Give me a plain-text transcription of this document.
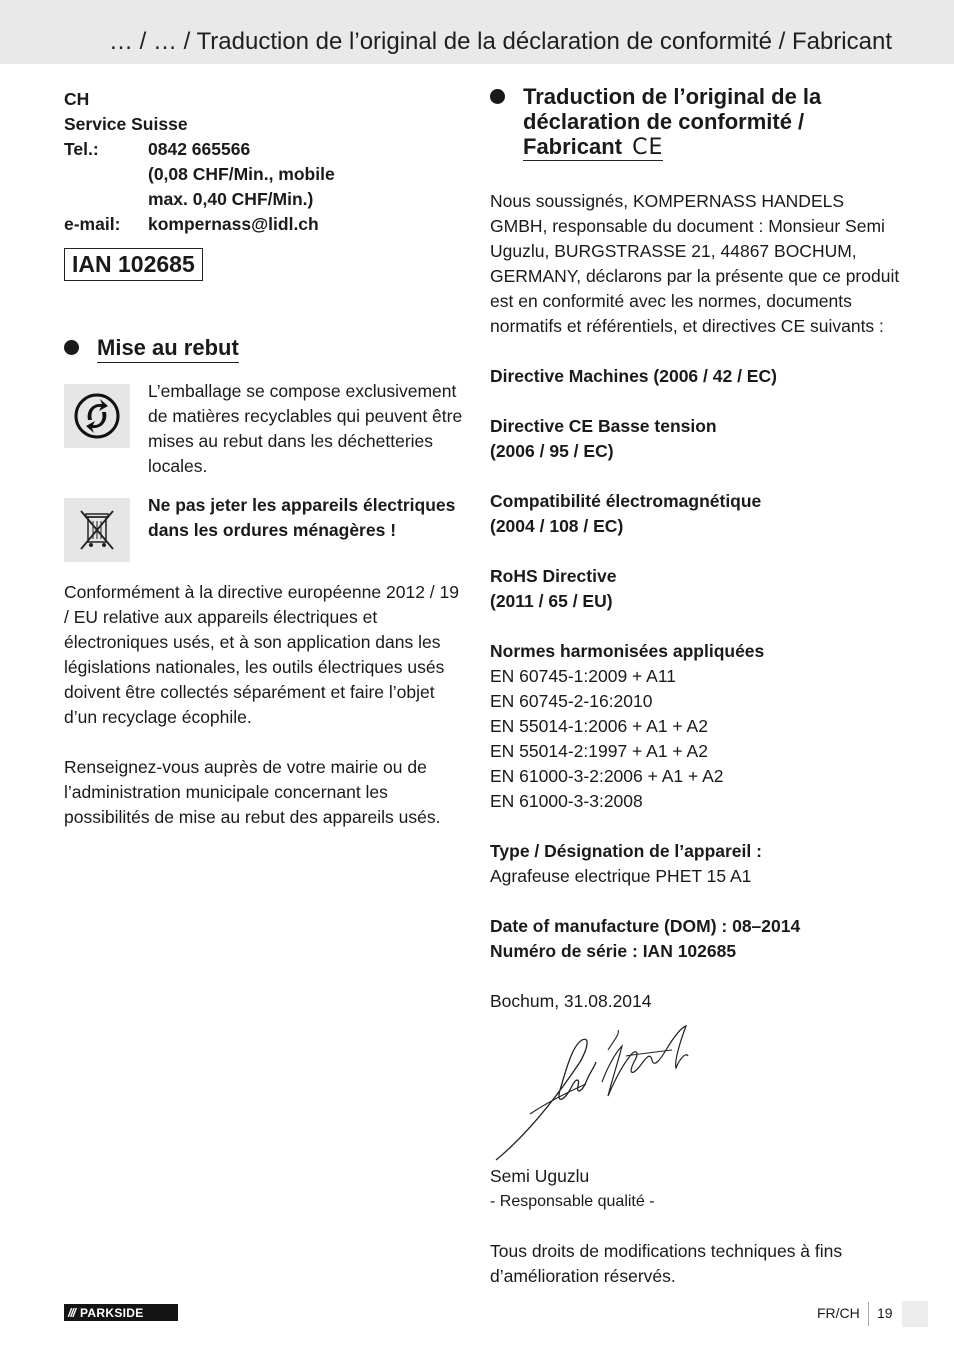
… / … / Traduction de l’original de la déclaration de conformité / Fabricant
CH
Service Suisse
Tel.:	0842 665566
(0,08 CHF/Min., mobile
max. 0,40 CHF/Min.)
e-mail:	kompernass@lidl.ch
IAN 102685
Mise au rebut
L’emballage se compose exclusivement de matières recyclables qui peuvent être mises au rebut dans les déchetteries locales.
Ne pas jeter les appareils électriques dans les ordures ménagères !
Conformément à la directive européenne 2012 / 19 / EU relative aux appareils électriques et électroniques usés, et à son application dans les législations nationales, les outils électriques usés doivent être collectés séparément et faire l’objet d’un recyclage écophile.
Renseignez-vous auprès de votre mairie ou de l’administration municipale concernant les possibilités de mise au rebut des appareils usés.
Traduction de l’original de la
déclaration de conformité /
Fabricant CE
Nous soussignés, KOMPERNASS HANDELS GMBH, responsable du document : Monsieur Semi Uguzlu, BURGSTRASSE 21, 44867 BOCHUM, GERMANY, déclarons par la présente que ce produit est en conformité avec les normes, documents normatifs et référentiels, et directives CE suivants :
Directive Machines (2006 / 42 / EC)
Directive CE Basse tension
(2006 / 95 / EC)
Compatibilité électromagnétique
(2004 / 108 / EC)
RoHS Directive
(2011 / 65 / EU)
Normes harmonisées appliquées
EN 60745-1:2009 + A11
EN 60745-2-16:2010
EN 55014-1:2006 + A1 + A2
EN 55014-2:1997 + A1 + A2
EN 61000-3-2:2006 + A1 + A2
EN 61000-3-3:2008
Type / Désignation de l’appareil :
Agrafeuse electrique PHET 15 A1
Date of manufacture (DOM) : 08–2014
Numéro de série : IAN 102685
Bochum, 31.08.2014
Semi Uguzlu
- Responsable qualité -
Tous droits de modifications techniques à fins d’amélioration réservés.
/// PARKSIDE	FR/CH 19
